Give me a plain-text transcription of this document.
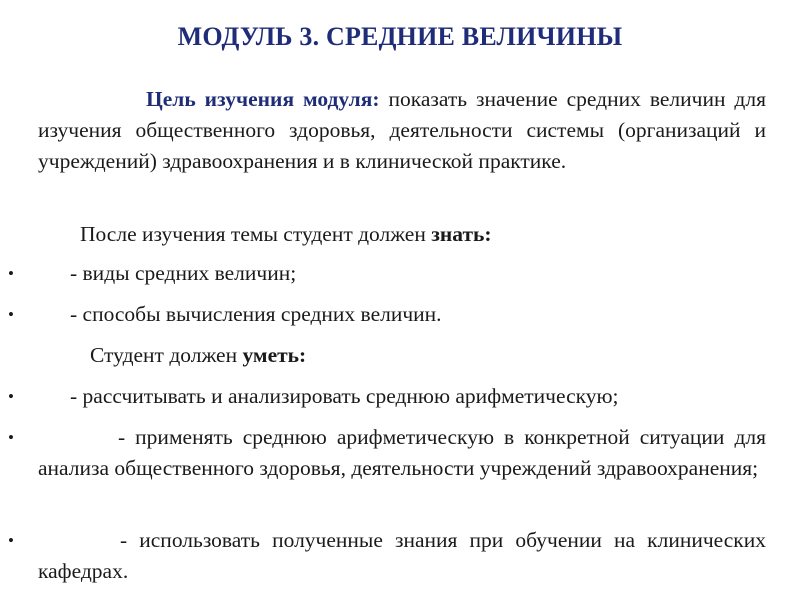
МОДУЛЬ 3. СРЕДНИЕ ВЕЛИЧИНЫ
Цель изучения модуля: показать значение средних величин для изучения общественного здоровья, деятельности системы (организаций и учреждений) здравоохранения и в клинической практике.
После изучения темы студент должен знать:
•	- виды средних величин;
•	- способы вычисления средних величин.
Студент должен уметь:
•	- рассчитывать и анализировать среднюю арифметическую;
•	- применять среднюю арифметическую в конкретной ситуации для анализа общественного здоровья, деятельности учреждений здравоохранения;
•	- использовать полученные знания при обучении на клинических кафедрах.
